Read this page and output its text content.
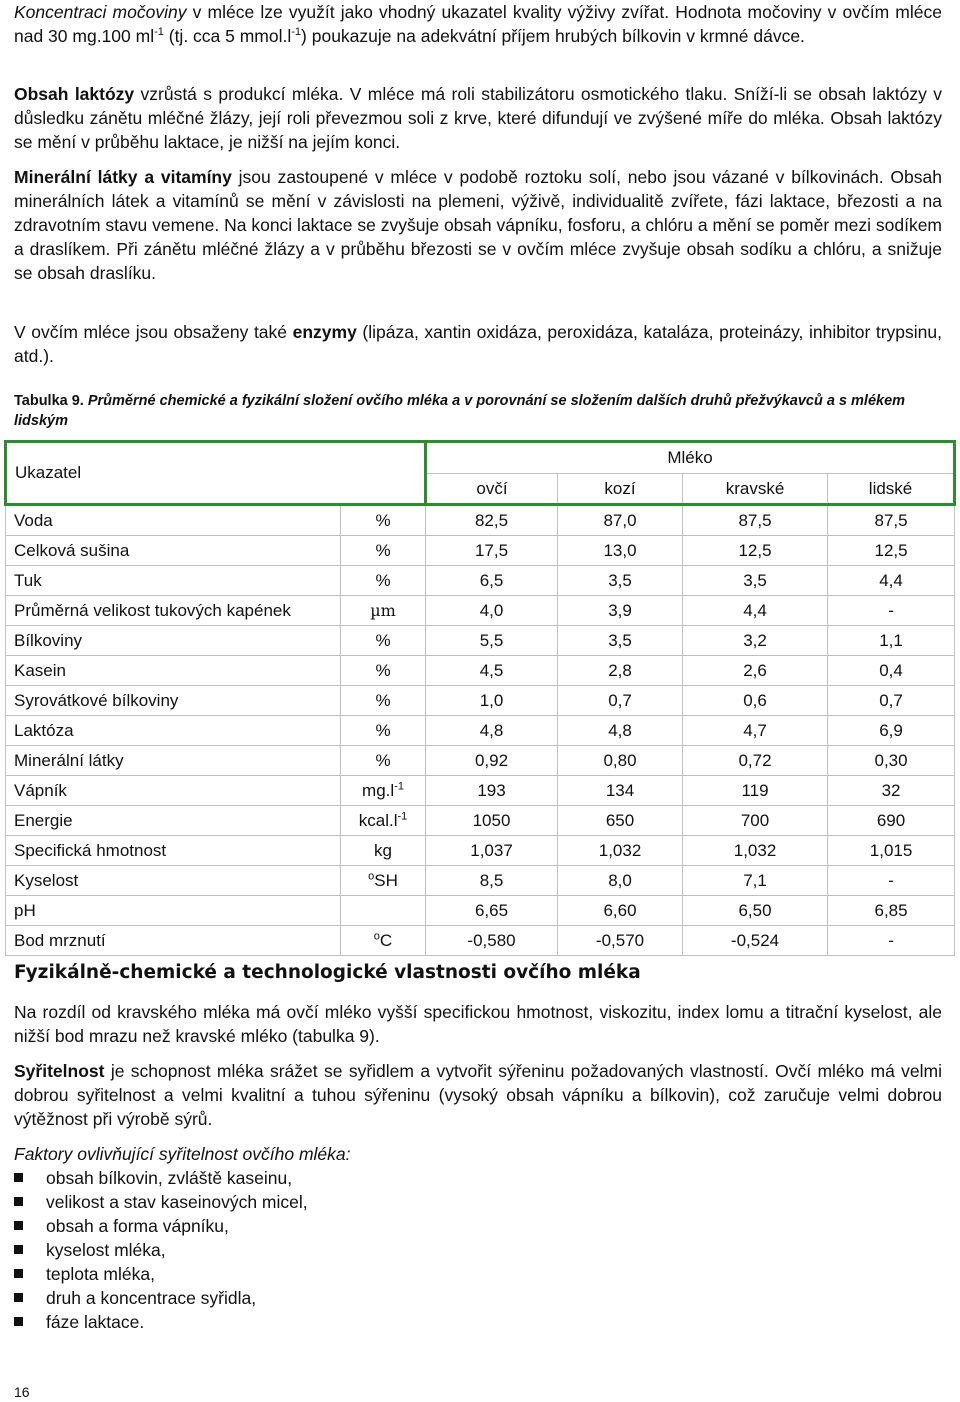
Koncentraci močoviny v mléce lze využít jako vhodný ukazatel kvality výživy zvířat. Hodnota močoviny v ovčím mléce nad 30 mg.100 $ml^{-1}$ (tj. cca 5 $mmol.l^{-1}$) poukazuje na adekvátní příjem hrubých bílkovin v krmné dávce.

Obsah laktózy vzrůstá s produkcí mléka. V mléce má roli stabilizátoru osmotického tlaku. Sníží-li se obsah laktózy v důsledku zánětu mléčné žlázy, její roli převezmou soli z krve, které difundují ve zvýšené míře do mléka. Obsah laktózy se mění v průběhu laktace, je nižší na jejím konci.

Minerální látky a vitamíny jsou zastoupené v mléce v podobě roztoku solí, nebo jsou vázané v bílkovinách. Obsah minerálních látek a vitamínů se mění v závislosti na plemeni, výživě, individualitě zvířete, fázi laktace, březosti a na zdravotním stavu vemene. Na konci laktace se zvyšuje obsah vápníku, fosforu, a chlóru a mění se poměr mezi sodíkem a draslíkem. Při zánětu mléčné žlázy a v průběhu březosti se v ovčím mléce zvyšuje obsah sodíku a chlóru, a snižuje se obsah draslíku.

V ovčím mléce jsou obsaženy také enzymy (lipáza, xantin oxidáza, peroxidáza, kataláza, proteinázy, inhibitor trypsinu, atd.).

Tabulka 9. Průměrné chemické a fyzikální složení ovčího mléka a v porovnání se složením dalších druhů přežvýkavců a s mlékem lidským

Ukazatel		Mléko			
		ovčí	kozí	kravské	lidské
Voda	%	82,5	87,0	87,5	87,5
Celková sušina	%	17,5	13,0	12,5	12,5
Tuk	%	6,5	3,5	3,5	4,4
Průměrná velikost tukových kapének	µm	4,0	3,9	4,4	-
Bílkoviny	%	5,5	3,5	3,2	1,1
Kasein	%	4,5	2,8	2,6	0,4
Syrovátkové bílkoviny	%	1,0	0,7	0,6	0,7
Laktóza	%	4,8	4,8	4,7	6,9
Minerální látky	%	0,92	0,80	0,72	0,30
Vápník	$mg.l^{-1}$	193	134	119	32
Energie	$kcal.l^{-1}$	1050	650	700	690
Specifická hmotnost	kg	1,037	1,032	1,032	1,015
Kyselost	$^o$SH	8,5	8,0	7,1	-
pH		6,65	6,60	6,50	6,85
Bod mrznutí	$^o$C	-0,580	-0,570	-0,524	-

Fyzikálně-chemické a technologické vlastnosti ovčího mléka

Na rozdíl od kravského mléka má ovčí mléko vyšší specifickou hmotnost, viskozitu, index lomu a titrační kyselost, ale nižší bod mrazu než kravské mléko (tabulka 9).

Syřitelnost je schopnost mléka srážet se syřidlem a vytvořit sýřeninu požadovaných vlastností. Ovčí mléko má velmi dobrou syřitelnost a velmi kvalitní a tuhou sýřeninu (vysoký obsah vápníku a bílkovin), což zaručuje velmi dobrou výtěžnost při výrobě sýrů.

Faktory ovlivňující syřitelnost ovčího mléka:

obsah bílkovin, zvláště kaseinu,
velikost a stav kaseinových micel,
obsah a forma vápníku,
kyselost mléka,
teplota mléka,
druh a koncentrace syřidla,
fáze laktace.
16
